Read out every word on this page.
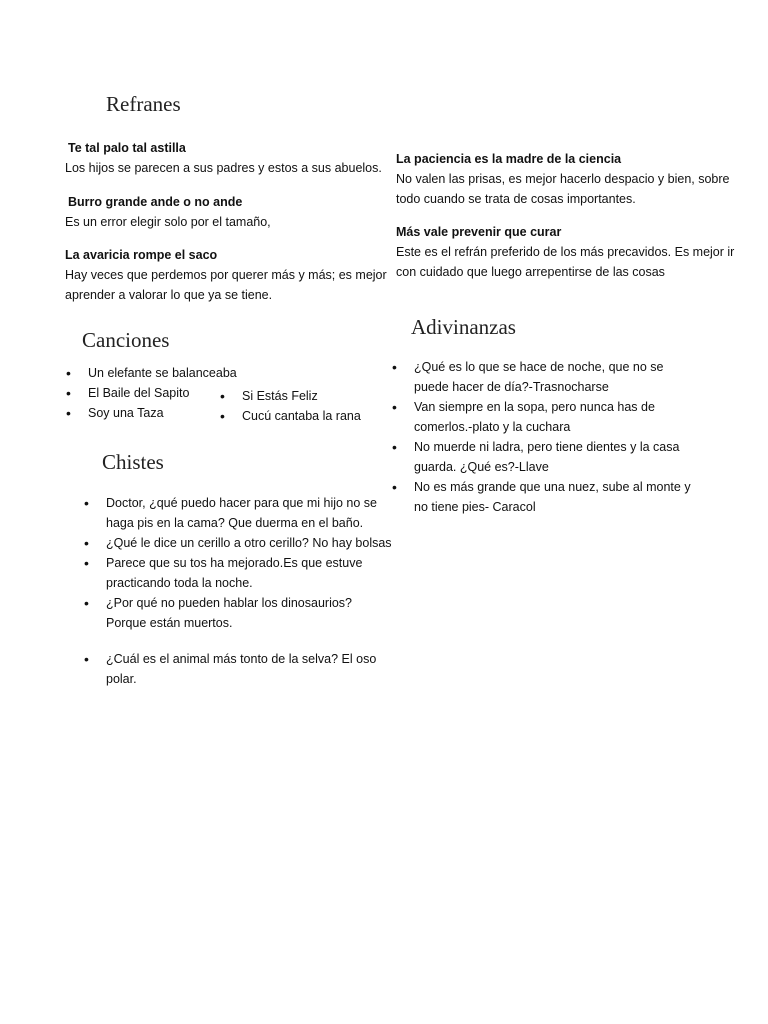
Refranes
Te tal palo tal astilla
Los hijos se parecen a sus padres y estos a sus abuelos.
Burro grande ande o no ande
Es un error elegir solo por el tamaño,
La avaricia rompe el saco
Hay veces que perdemos por querer más y más; es mejor aprender a valorar lo que ya se tiene.
La paciencia es la madre de la ciencia
No valen las prisas, es mejor hacerlo despacio y bien, sobre todo cuando se trata de cosas importantes.
Más vale prevenir que curar
Este es el refrán preferido de los más precavidos. Es mejor ir con cuidado que luego arrepentirse de las cosas
Canciones
• Un elefante se balanceaba
• El Baile del Sapito
• Soy una Taza
• Si Estás Feliz
• Cucú cantaba la rana
Chistes
• Doctor, ¿qué puedo hacer para que mi hijo no se haga pis en la cama? Que duerma en el baño.
• ¿Qué le dice un cerillo a otro cerillo? No hay bolsas
• Parece que su tos ha mejorado.Es que estuve practicando toda la noche.
• ¿Por qué no pueden hablar los dinosaurios? Porque están muertos.
• ¿Cuál es el animal más tonto de la selva? El oso polar.
Adivinanzas
• ¿Qué es lo que se hace de noche, que no se puede hacer de día?-Trasnocharse
• Van siempre en la sopa, pero nunca has de comerlos.-plato y la cuchara
• No muerde ni ladra, pero tiene dientes y la casa guarda. ¿Qué es?-Llave
• No es más grande que una nuez, sube al monte y no tiene pies- Caracol
